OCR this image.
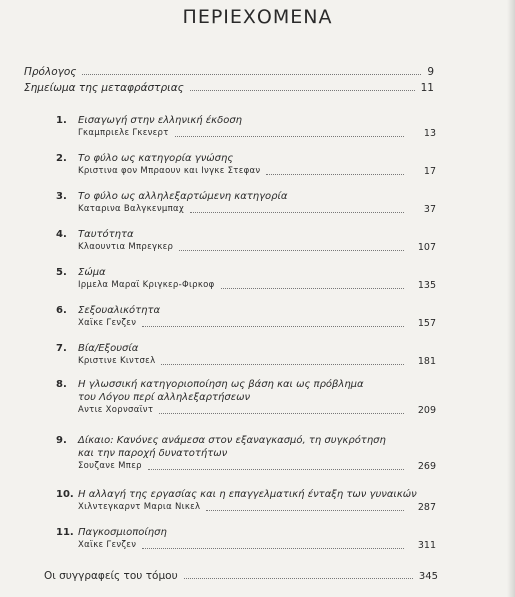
ΠΕΡΙΕΧΟΜΕΝΑ
Πρόλογος	9
Σημείωμα της μεταφράστριας	11
1.	Εισαγωγή στην ελληνική έκδοση
Γκαμπριελε Γκενερτ	13
2.	Το φύλο ως κατηγορία γνώσης
Κριστινα φον Μπραουν και Ινγκε Στεφαν	17
3.	Το φύλο ως αλληλεξαρτώμενη κατηγορία
Καταρινα Βαλγκενμπαχ	37
4.	Ταυτότητα
Κλαουντια Μπρεγκερ	107
5.	Σώμα
Ιρμελα Μαραϊ Κριγκερ-Φιρκοφ	135
6.	Σεξουαλικότητα
Χαϊκε Γενζεν	157
7.	Βία/Εξουσία
Κριστινε Κιντσελ	181
8.	Η γλωσσική κατηγοριοποίηση ως βάση και ως πρόβλημα
του Λόγου περί αλληλεξαρτήσεων
Αντιε Χορνσαϊντ	209
9.	Δίκαιο: Κανόνες ανάμεσα στον εξαναγκασμό, τη συγκρότηση
και την παροχή δυνατοτήτων
Σουζανε Μπερ	269
10. Η αλλαγή της εργασίας και η επαγγελματική ένταξη των γυναικών
Χιλντεγκαρντ Μαρια Νικελ	287
11. Παγκοσμιοποίηση
Χαϊκε Γενζεν	311
Οι συγγραφείς του τόμου	345
